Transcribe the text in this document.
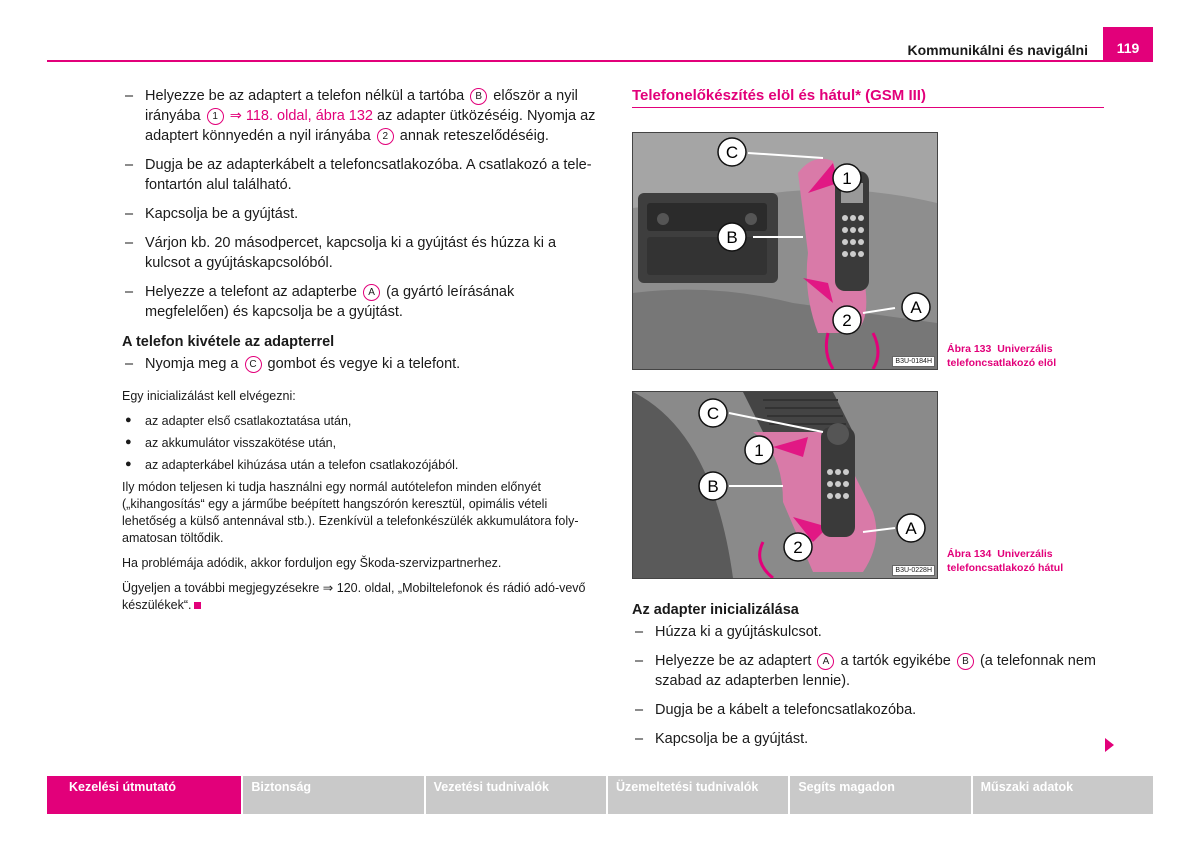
Kommunikálni és navigálni 119
– Helyezze be az adaptert a telefon nélkül a tartóba B először a nyil irányába 1 ⇒ 118. oldal, ábra 132 az adapter ütközéséig. Nyomja az adaptert könnyedén a nyil irányába 2 annak reteszelődéséig.
– Dugja be az adapterkábelt a telefoncsatlakozóba. A csatlakozó a tele-fontartón alul található.
– Kapcsolja be a gyújtást.
– Várjon kb. 20 másodpercet, kapcsolja ki a gyújtást és húzza ki a kulcsot a gyújtáskapcsolóból.
– Helyezze a telefont az adapterbe A (a gyártó leírásának megfelelően) és kapcsolja be a gyújtást.
A telefon kivétele az adapterrel
– Nyomja meg a C gombot és vegye ki a telefont.
Egy inicializálást kell elvégezni:
● az adapter első csatlakoztatása után,
● az akkumulátor visszakötése után,
● az adapterkábel kihúzása után a telefon csatlakozójából.
Ily módon teljesen ki tudja használni egy normál autótelefon minden előnyét („kihangosítás“ egy a járműbe beépített hangszórón keresztül, opimális vételi lehetőség a külső antennával stb.). Ezenkívül a telefonkészülék akkumulátora foly-amatosan töltődik.
Ha problémája adódik, akkor forduljon egy Škoda-szervizpartnerhez.
Ügyeljen a további megjegyzésekre ⇒ 120. oldal, „Mobiltelefonok és rádió adó-vevő készülékek“.
Telefonelőkészítés elöl és hátul* (GSM III)
C
1
B
A
2
B3U-0184H
Ábra 133 Univerzális telefoncsatlakozó elöl
C
1
B
A
2
B3U-0228H
Ábra 134 Univerzális telefoncsatlakozó hátul
Az adapter inicializálása
– Húzza ki a gyújtáskulcsot.
– Helyezze be az adaptert A a tartók egyikébe B (a telefonnak nem szabad az adapterben lennie).
– Dugja be a kábelt a telefoncsatlakozóba.
– Kapcsolja be a gyújtást.
Kezelési útmutató	Biztonság	Vezetési tudnivalók	Üzemeltetési tudnivalók	Segíts magadon	Műszaki adatok
